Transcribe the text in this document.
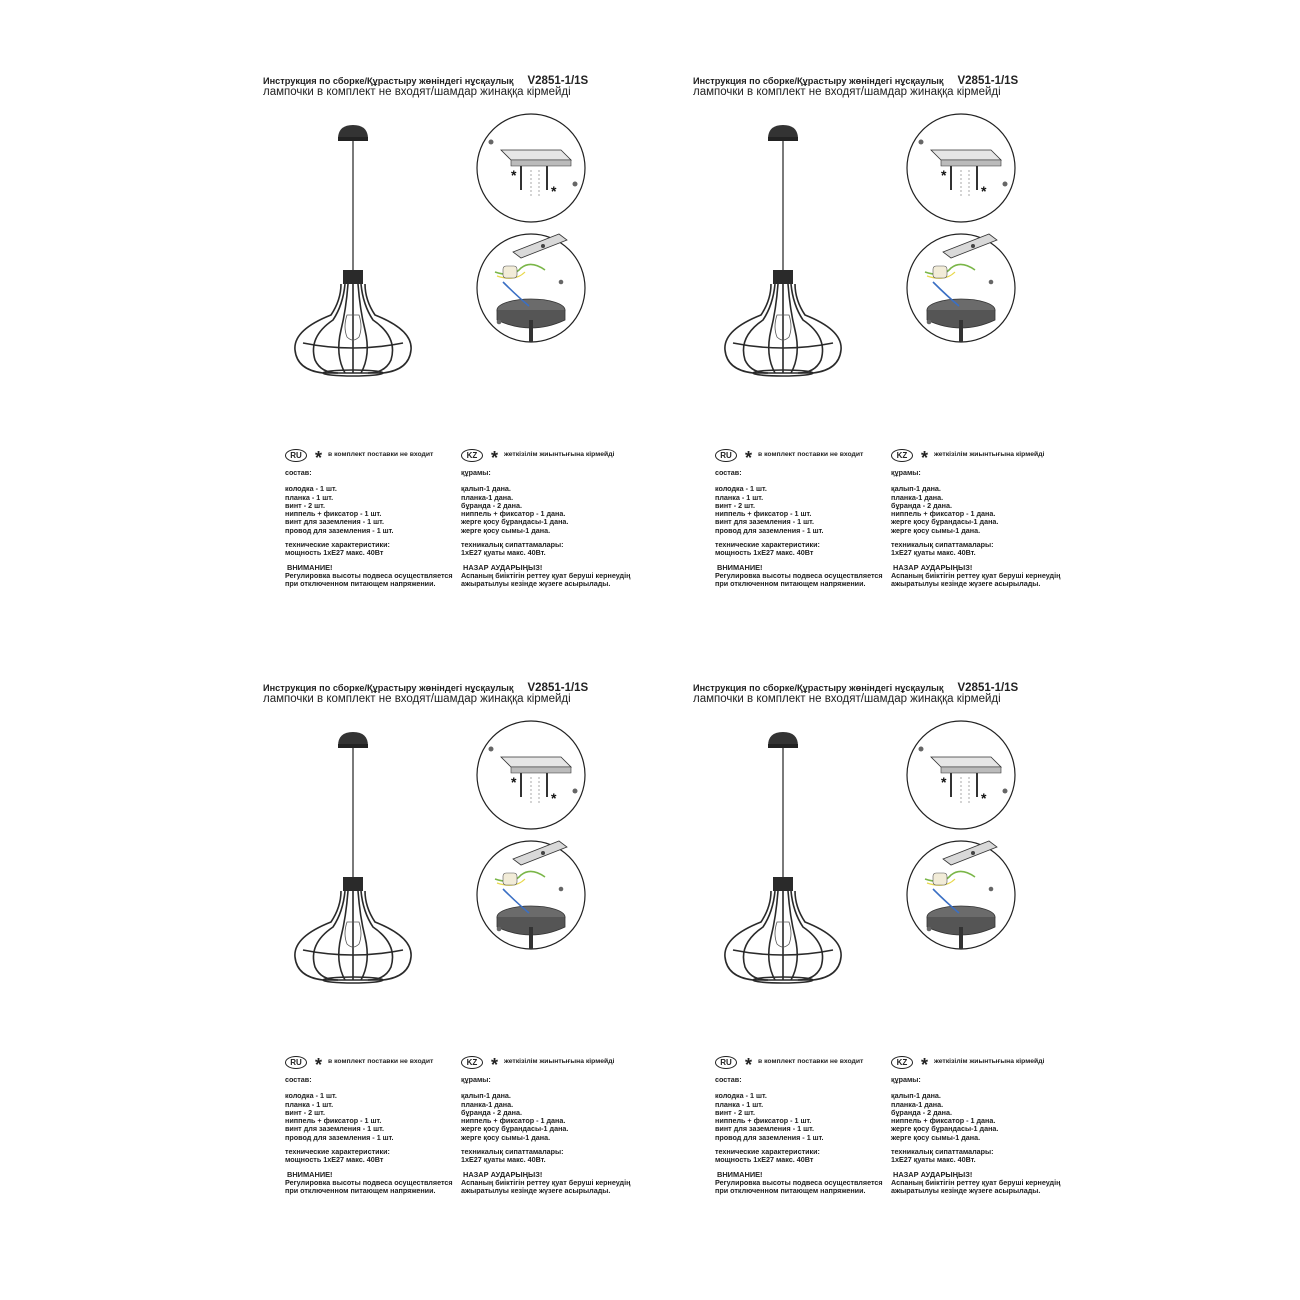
Инструкция по сборке/Құрастыру жөніндегі нұсқаулық V2851-1/1S
лампочки в комплект не входят/шамдар жинаққа кірмейді
*
*
RU * в комплект поставки не входит
состав:
колодка - 1 шт.
планка - 1 шт.
винт - 2 шт.
ниппель + фиксатор - 1 шт.
винт для заземления - 1 шт.
провод для заземления - 1 шт.
технические характеристики:
мощность 1хЕ27 макс. 40Вт
ВНИМАНИЕ!
Регулировка высоты подвеса осуществляется
при отключенном питающем напряжении.
KZ * жеткізілім жиынтығына кірмейді
құрамы:
қалып-1 дана.
планка-1 дана.
бұранда - 2 дана.
ниппель + фиксатор - 1 дана.
жерге қосу бұрандасы-1 дана.
жерге қосу сымы-1 дана.
техникалық сипаттамалары:
1хЕ27 қуаты макс. 40Вт.
НАЗАР АУДАРЫҢЫЗ!
Аспаның биіктігін реттеу қуат беруші кернеудің
ажыратылуы кезінде жүзеге асырылады.
Инструкция по сборке/Құрастыру жөніндегі нұсқаулық V2851-1/1S
лампочки в комплект не входят/шамдар жинаққа кірмейді
*
*
RU * в комплект поставки не входит
состав:
колодка - 1 шт.
планка - 1 шт.
винт - 2 шт.
ниппель + фиксатор - 1 шт.
винт для заземления - 1 шт.
провод для заземления - 1 шт.
технические характеристики:
мощность 1хЕ27 макс. 40Вт
ВНИМАНИЕ!
Регулировка высоты подвеса осуществляется
при отключенном питающем напряжении.
KZ * жеткізілім жиынтығына кірмейді
құрамы:
қалып-1 дана.
планка-1 дана.
бұранда - 2 дана.
ниппель + фиксатор - 1 дана.
жерге қосу бұрандасы-1 дана.
жерге қосу сымы-1 дана.
техникалық сипаттамалары:
1хЕ27 қуаты макс. 40Вт.
НАЗАР АУДАРЫҢЫЗ!
Аспаның биіктігін реттеу қуат беруші кернеудің
ажыратылуы кезінде жүзеге асырылады.
Инструкция по сборке/Құрастыру жөніндегі нұсқаулық V2851-1/1S
лампочки в комплект не входят/шамдар жинаққа кірмейді
*
*
RU * в комплект поставки не входит
состав:
колодка - 1 шт.
планка - 1 шт.
винт - 2 шт.
ниппель + фиксатор - 1 шт.
винт для заземления - 1 шт.
провод для заземления - 1 шт.
технические характеристики:
мощность 1хЕ27 макс. 40Вт
ВНИМАНИЕ!
Регулировка высоты подвеса осуществляется
при отключенном питающем напряжении.
KZ * жеткізілім жиынтығына кірмейді
құрамы:
қалып-1 дана.
планка-1 дана.
бұранда - 2 дана.
ниппель + фиксатор - 1 дана.
жерге қосу бұрандасы-1 дана.
жерге қосу сымы-1 дана.
техникалық сипаттамалары:
1хЕ27 қуаты макс. 40Вт.
НАЗАР АУДАРЫҢЫЗ!
Аспаның биіктігін реттеу қуат беруші кернеудің
ажыратылуы кезінде жүзеге асырылады.
Инструкция по сборке/Құрастыру жөніндегі нұсқаулық V2851-1/1S
лампочки в комплект не входят/шамдар жинаққа кірмейді
*
*
RU * в комплект поставки не входит
состав:
колодка - 1 шт.
планка - 1 шт.
винт - 2 шт.
ниппель + фиксатор - 1 шт.
винт для заземления - 1 шт.
провод для заземления - 1 шт.
технические характеристики:
мощность 1хЕ27 макс. 40Вт
ВНИМАНИЕ!
Регулировка высоты подвеса осуществляется
при отключенном питающем напряжении.
KZ * жеткізілім жиынтығына кірмейді
құрамы:
қалып-1 дана.
планка-1 дана.
бұранда - 2 дана.
ниппель + фиксатор - 1 дана.
жерге қосу бұрандасы-1 дана.
жерге қосу сымы-1 дана.
техникалық сипаттамалары:
1хЕ27 қуаты макс. 40Вт.
НАЗАР АУДАРЫҢЫЗ!
Аспаның биіктігін реттеу қуат беруші кернеудің
ажыратылуы кезінде жүзеге асырылады.
